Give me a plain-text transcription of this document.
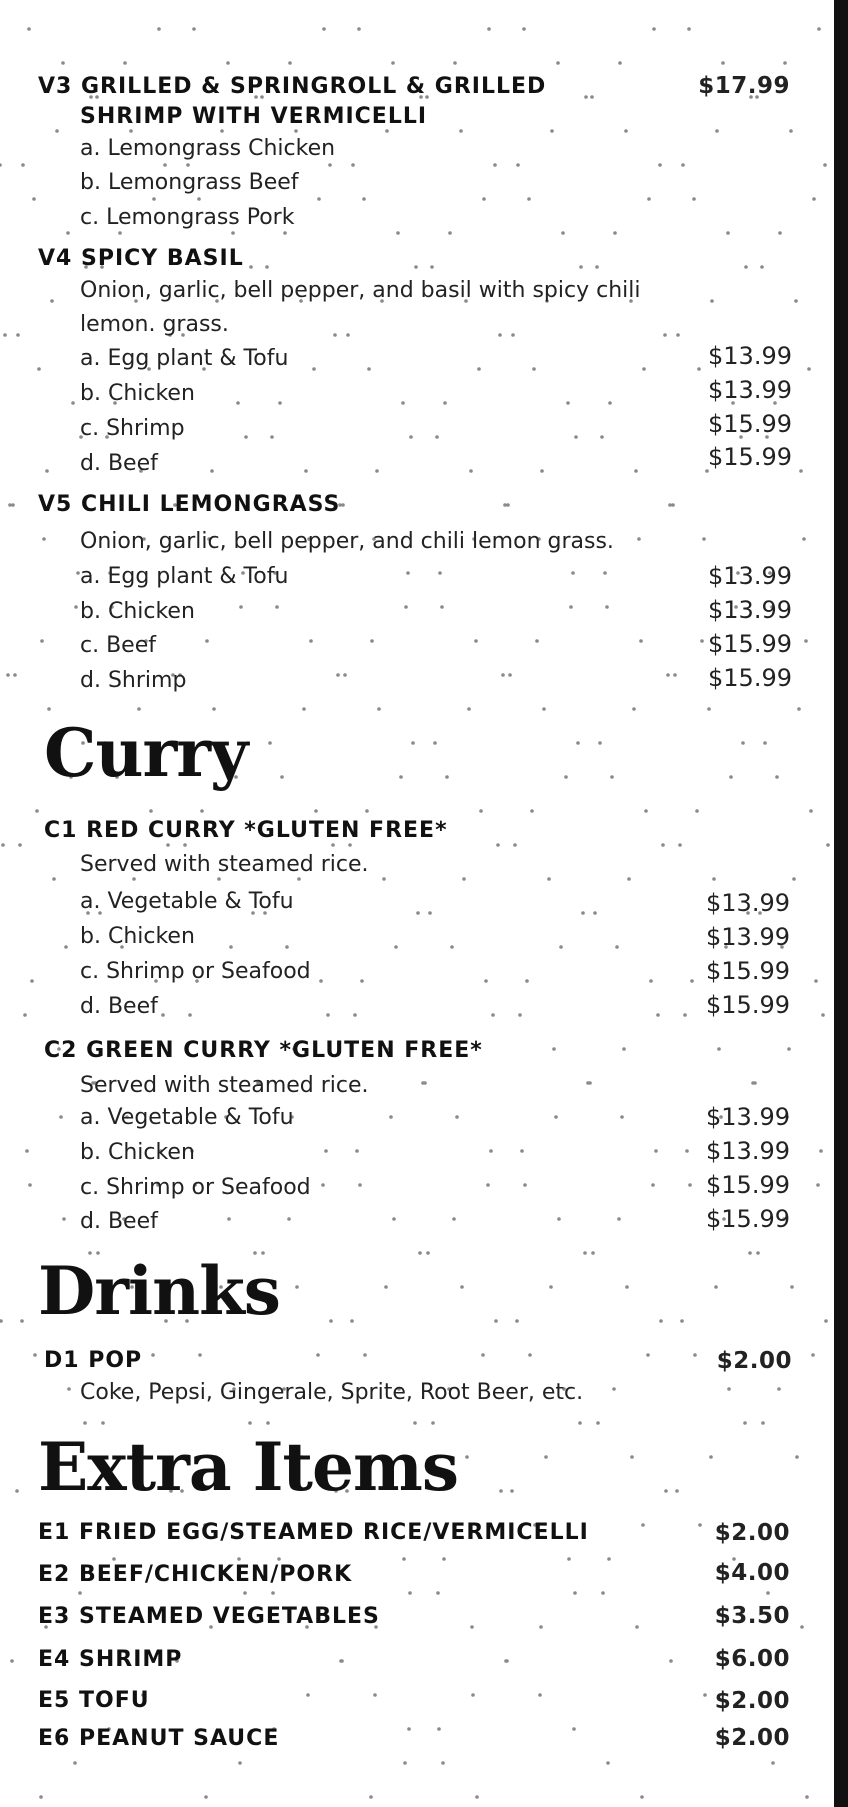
V3 GRILLED & SPRINGROLL & GRILLED	$17.99
SHRIMP WITH VERMICELLI
a. Lemongrass Chicken
b. Lemongrass Beef
c. Lemongrass Pork
V4 SPICY BASIL
Onion, garlic, bell pepper, and basil with spicy chili
lemon. grass.
a. Egg plant & Tofu	$13.99
b. Chicken	$13.99
c. Shrimp	$15.99
d. Beef	$15.99
V5 CHILI LEMONGRASS
Onion, garlic, bell pepper, and chili lemon grass.
a. Egg plant & Tofu	$13.99
b. Chicken	$13.99
c. Beef	$15.99
d. Shrimp	$15.99
Curry
C1 RED CURRY *GLUTEN FREE*
Served with steamed rice.
a. Vegetable & Tofu	$13.99
b. Chicken	$13.99
c. Shrimp or Seafood	$15.99
d. Beef	$15.99
C2 GREEN CURRY *GLUTEN FREE*
Served with steamed rice.
a. Vegetable & Tofu	$13.99
b. Chicken	$13.99
c. Shrimp or Seafood	$15.99
d. Beef	$15.99
Drinks
D1 POP	$2.00
Coke, Pepsi, Gingerale, Sprite, Root Beer, etc.
Extra Items
E1 FRIED EGG/STEAMED RICE/VERMICELLI	$2.00
E2 BEEF/CHICKEN/PORK	$4.00
E3 STEAMED VEGETABLES	$3.50
E4 SHRIMP	$6.00
E5 TOFU	$2.00
E6 PEANUT SAUCE	$2.00
